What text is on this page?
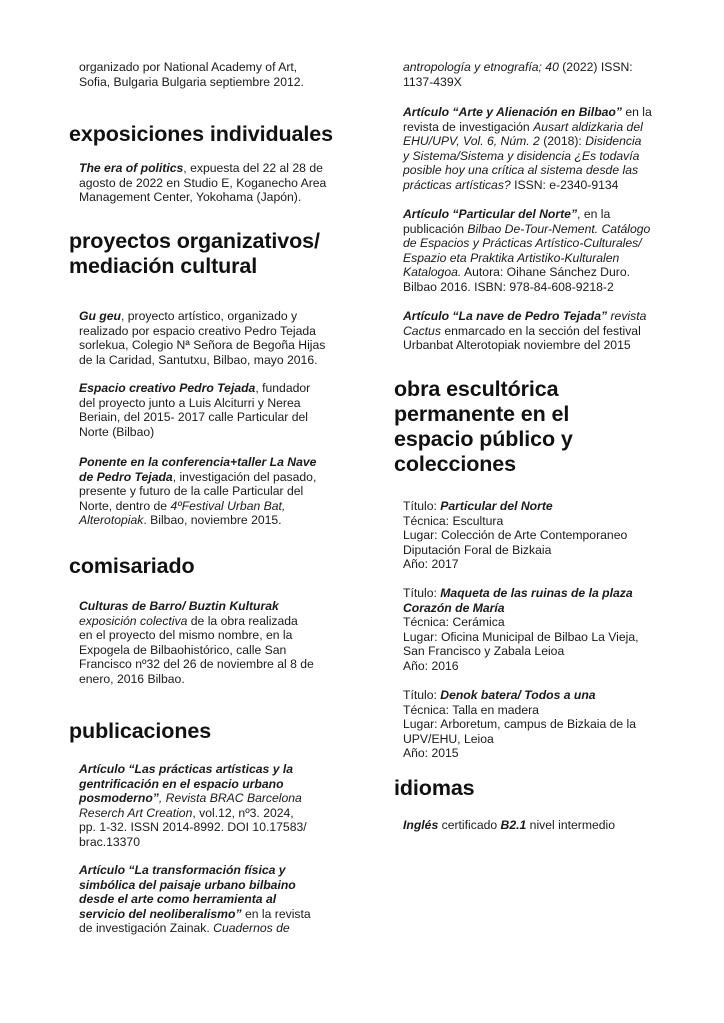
organizado por National Academy of Art,
Sofia, Bulgaria Bulgaria septiembre 2012.

exposiciones individuales

The era of politics, expuesta del 22 al 28 de
agosto de 2022 en Studio E, Koganecho Area
Management Center, Yokohama (Japón).

proyectos organizativos/
mediación cultural

Gu geu, proyecto artístico, organizado y
realizado por espacio creativo Pedro Tejada
sorlekua, Colegio Nª Señora de Begoña Hijas
de la Caridad, Santutxu, Bilbao, mayo 2016.

Espacio creativo Pedro Tejada, fundador
del proyecto junto a Luis Alciturri y Nerea
Beriain, del 2015- 2017 calle Particular del
Norte (Bilbao)

Ponente en la conferencia+taller La Nave
de Pedro Tejada, investigación del pasado,
presente y futuro de la calle Particular del
Norte, dentro de 4ºFestival Urban Bat,
Alterotopiak. Bilbao, noviembre 2015.

comisariado

Culturas de Barro/ Buztin Kulturak
exposición colectiva de la obra realizada
en el proyecto del mismo nombre, en la
Expogela de Bilbaohistórico, calle San
Francisco nº32 del 26 de noviembre al 8 de
enero, 2016 Bilbao.

publicaciones

Artículo “Las prácticas artísticas y la
gentrificación en el espacio urbano
posmoderno”, Revista BRAC Barcelona
Reserch Art Creation, vol.12, nº3. 2024,
pp. 1-32. ISSN 2014-8992. DOI 10.17583/
brac.13370

Artículo “La transformación física y
simbólica del paisaje urbano bilbaino
desde el arte como herramienta al
servicio del neoliberalismo” en la revista
de investigación Zainak. Cuadernos de

antropología y etnografía; 40 (2022) ISSN:
1137-439X

Artículo “Arte y Alienación en Bilbao” en la
revista de investigación Ausart aldizkaria del
EHU/UPV, Vol. 6, Núm. 2 (2018): Disidencia
y Sistema/Sistema y disidencia ¿Es todavía
posible hoy una crítica al sistema desde las
prácticas artísticas? ISSN: e-2340-9134

Artículo “Particular del Norte”, en la
publicación Bilbao De-Tour-Nement. Catálogo
de Espacios y Prácticas Artístico-Culturales/
Espazio eta Praktika Artistiko-Kulturalen
Katalogoa. Autora: Oihane Sánchez Duro.
Bilbao 2016. ISBN: 978-84-608-9218-2

Artículo “La nave de Pedro Tejada” revista
Cactus enmarcado en la sección del festival
Urbanbat Alterotopiak noviembre del 2015

obra escultórica
permanente en el
espacio público y
colecciones

Título: Particular del Norte
Técnica: Escultura
Lugar: Colección de Arte Contemporaneo
Diputación Foral de Bizkaia
Año: 2017

Título: Maqueta de las ruinas de la plaza
Corazón de María
Técnica: Cerámica
Lugar: Oficina Municipal de Bilbao La Vieja,
San Francisco y Zabala Leioa
Año: 2016

Título: Denok batera/ Todos a una
Técnica: Talla en madera
Lugar: Arboretum, campus de Bizkaia de la
UPV/EHU, Leioa
Año: 2015

idiomas

Inglés certificado B2.1 nivel intermedio
